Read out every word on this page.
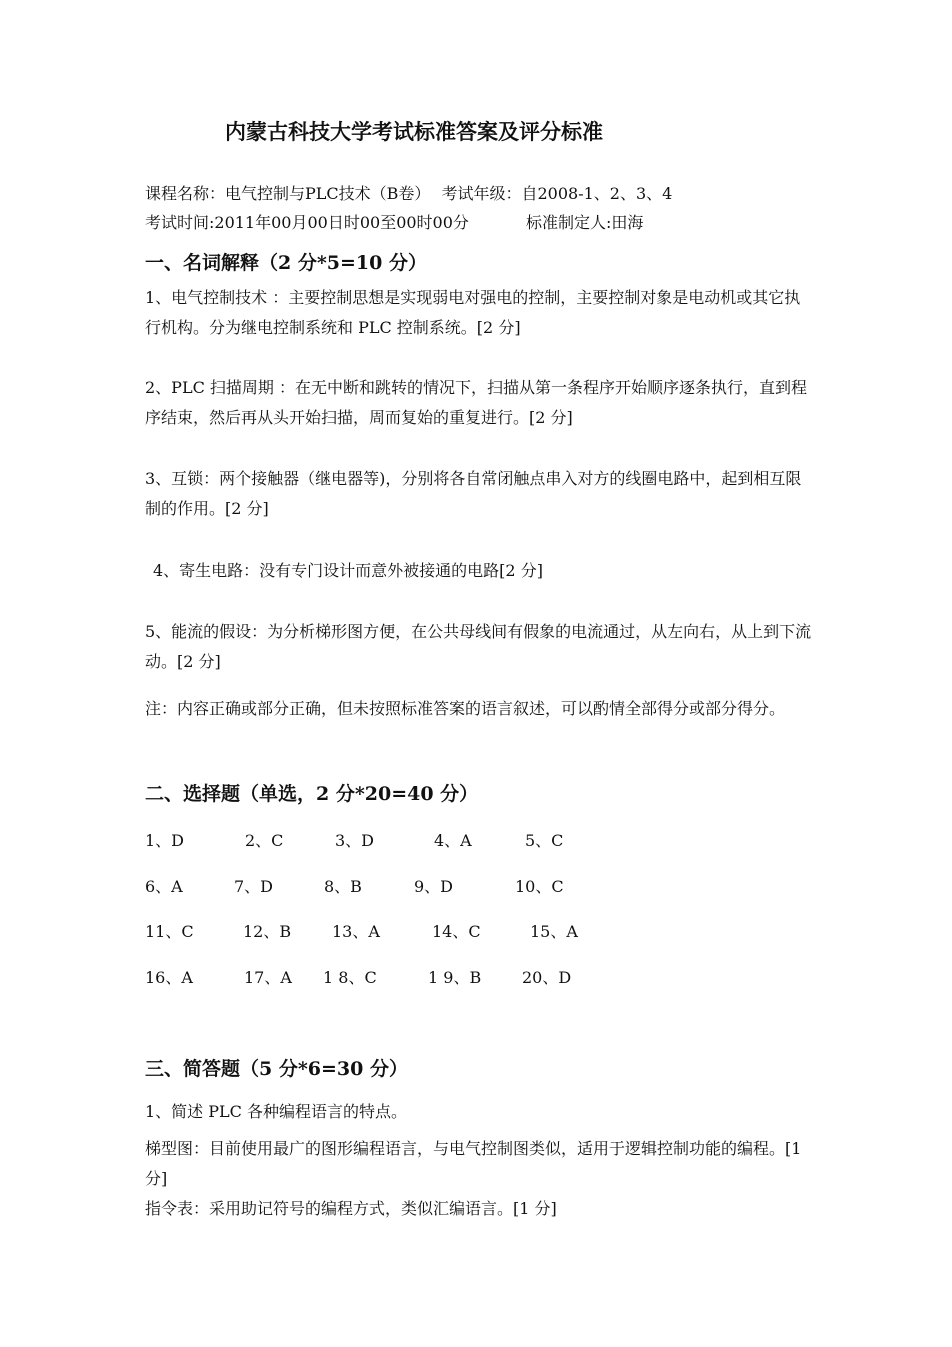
内蒙古科技大学考试标准答案及评分标准
课程名称：电气控制与PLC技术（B卷） 考试年级：自2008-1、2、3、4
考试时间:2011年00月00日时00至00时00分	标准制定人:田海
一、名词解释（2 分*5=10 分）

1、电气控制技术 ：主要控制思想是实现弱电对强电的控制，主要控制对象是电动机或其它执行机构。分为继电控制系统和 PLC 控制系统。[2 分]

2、PLC 扫描周期 ：在无中断和跳转的情况下，扫描从第一条程序开始顺序逐条执行，直到程序结束，然后再从头开始扫描，周而复始的重复进行。[2 分]

3、互锁：两个接触器（继电器等)，分别将各自常闭触点串入对方的线圈电路中，起到相互限制的作用。[2 分]

4、寄生电路：没有专门设计而意外被接通的电路[2 分]

5、能流的假设：为分析梯形图方便，在公共母线间有假象的电流通过，从左向右，从上到下流动。[2 分]

注：内容正确或部分正确，但未按照标准答案的语言叙述，可以酌情全部得分或部分得分。

二、选择题（单选，2 分*20=40 分）
1、D	2、C	3、D	4、A	5、C
6、A	7、D	8、B	9、D	10、C
11、C	12、B	13、A	14、C	15、A
16、A	17、A 1 8、C	1 9、B	20、D
三、简答题（5 分*6=30 分）

1、简述 PLC 各种编程语言的特点。

梯型图：目前使用最广的图形编程语言，与电气控制图类似，适用于逻辑控制功能的编程。[1 分]

指令表：采用助记符号的编程方式，类似汇编语言。[1 分]
